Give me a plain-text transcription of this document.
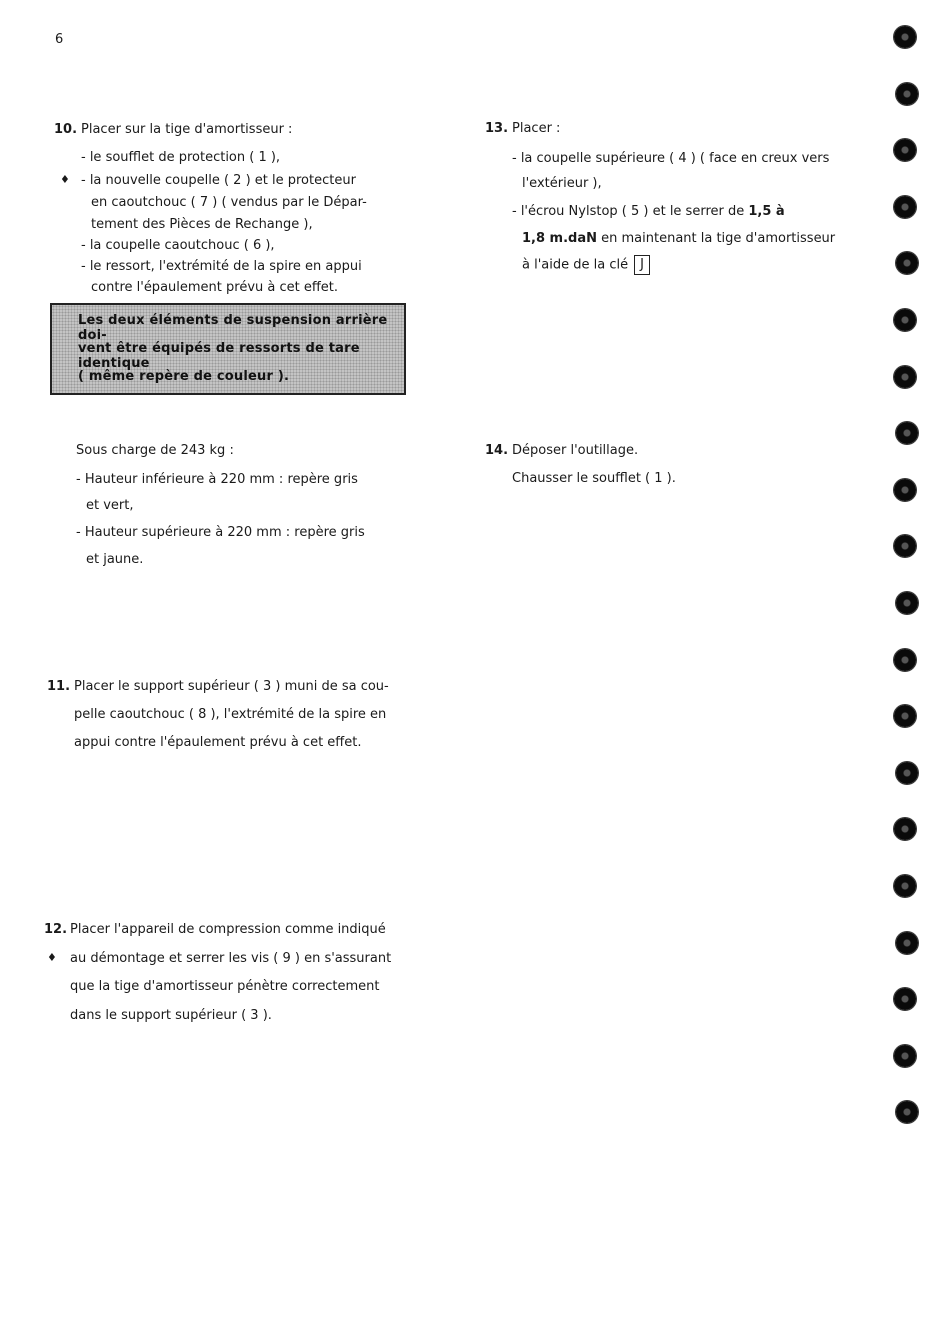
6
10. Placer sur la tige d'amortisseur :
- le soufflet de protection ( 1 ),
♦ - la nouvelle coupelle ( 2 ) et le protecteur
en caoutchouc ( 7 ) ( vendus par le Dépar-
tement des Pièces de Rechange ),
- la coupelle caoutchouc ( 6 ),
- le ressort, l'extrémité de la spire en appui
contre l'épaulement prévu à cet effet.
Les deux éléments de suspension arrière doi-
vent être équipés de ressorts de tare identique
( même repère de couleur ).
Sous charge de 243 kg :
- Hauteur inférieure à 220 mm : repère gris
et vert,
- Hauteur supérieure à 220 mm : repère gris
et jaune.
11. Placer le support supérieur ( 3 ) muni de sa cou-
pelle caoutchouc ( 8 ), l'extrémité de la spire en
appui contre l'épaulement prévu à cet effet.
12. Placer l'appareil de compression comme indiqué
♦ au démontage et serrer les vis ( 9 ) en s'assurant
que la tige d'amortisseur pénètre correctement
dans le support supérieur ( 3 ).
13. Placer :
- la coupelle supérieure ( 4 ) ( face en creux vers
l'extérieur ),
- l'écrou Nylstop ( 5 ) et le serrer de 1,5 à
1,8 m.daN en maintenant la tige d'amortisseur
à l'aide de la clé J
14. Déposer l'outillage.
Chausser le soufflet ( 1 ).
